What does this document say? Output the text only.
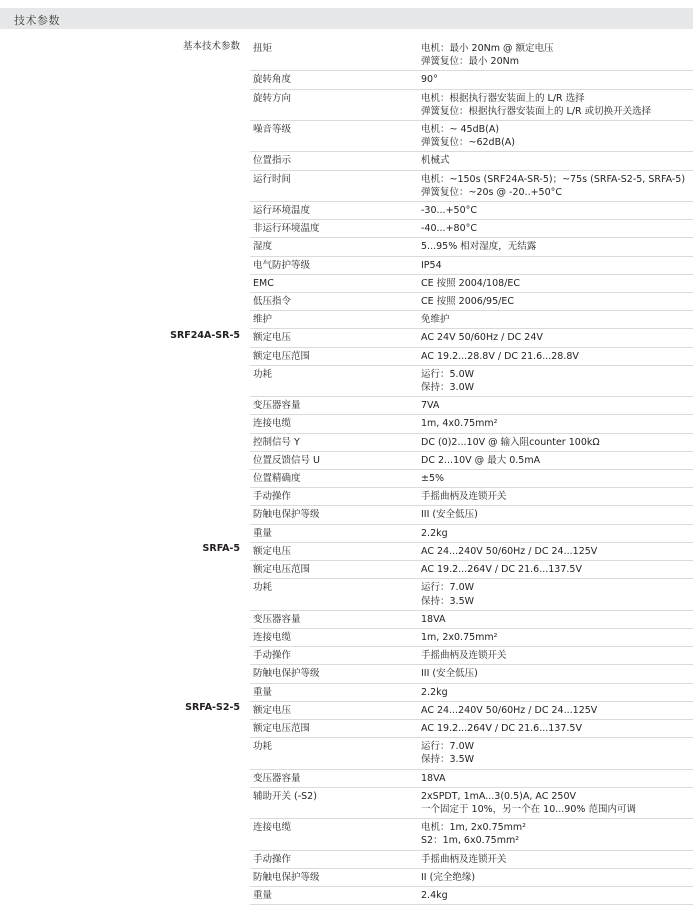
技术参数
基本技术参数	扭矩	电机：最小 20Nm @ 额定电压
弹簧复位：最小 20Nm

	旋转角度	90°

	旋转方向	电机：根据执行器安装面上的 L/R 选择
弹簧复位：根据执行器安装面上的 L/R 或切换开关选择

	噪音等级	电机：~ 45dB(A)
弹簧复位：~62dB(A)

	位置指示	机械式

	运行时间	电机：~150s (SRF24A-SR-5)；~75s (SRFA-S2-5, SRFA-5)
弹簧复位：~20s @ -20..+50°C

	运行环境温度	-30...+50°C

	非运行环境温度	-40...+80°C

	湿度	5...95% 相对湿度，无结露

	电气防护等级	IP54

	EMC	CE 按照 2004/108/EC

	低压指令	CE 按照 2006/95/EC

	维护	免维护

SRF24A-SR-5	额定电压	AC 24V 50/60Hz / DC 24V

	额定电压范围	AC 19.2...28.8V / DC 21.6...28.8V

	功耗	运行：5.0W
保持：3.0W

	变压器容量	7VA

	连接电缆	1m, 4x0.75mm²

	控制信号 Y	DC (0)2...10V @ 输入阻counter 100kΩ

	位置反馈信号 U	DC 2...10V @ 最大 0.5mA

	位置精确度	±5%

	手动操作	手摇曲柄及连锁开关

	防触电保护等级	III (安全低压)

	重量	2.2kg

SRFA-5	额定电压	AC 24...240V 50/60Hz / DC 24...125V

	额定电压范围	AC 19.2...264V / DC 21.6...137.5V

	功耗	运行：7.0W
保持：3.5W

	变压器容量	18VA

	连接电缆	1m, 2x0.75mm²

	手动操作	手摇曲柄及连锁开关

	防触电保护等级	III (安全低压)

	重量	2.2kg

SRFA-S2-5	额定电压	AC 24...240V 50/60Hz / DC 24...125V

	额定电压范围	AC 19.2...264V / DC 21.6...137.5V

	功耗	运行：7.0W
保持：3.5W

	变压器容量	18VA

	辅助开关 (-S2)	2xSPDT, 1mA...3(0.5)A, AC 250V
一个固定于 10%，另一个在 10...90% 范围内可调

	连接电缆	电机：1m, 2x0.75mm²
S2：1m, 6x0.75mm²

	手动操作	手摇曲柄及连锁开关

	防触电保护等级	II (完全绝缘)

	重量	2.4kg
